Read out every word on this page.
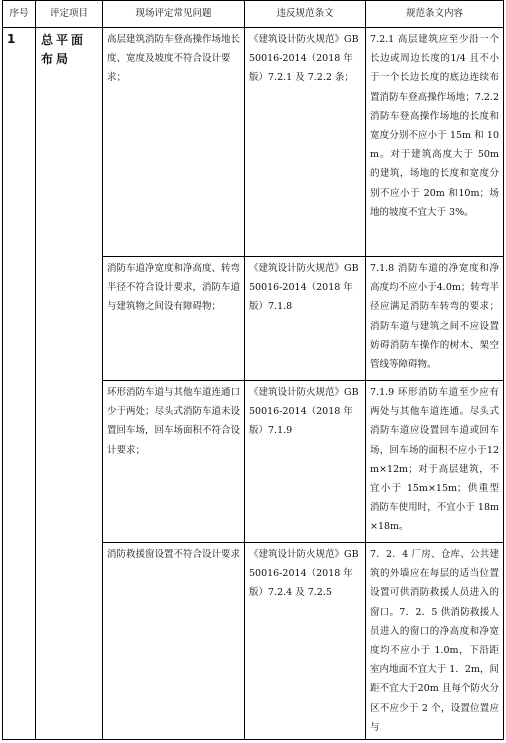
序号	评定项目	现场评定常见问题	违反规范条文	规范条文内容

1	总平面布局	高层建筑消防车登高操作场地长度、宽度及坡度不符合设计要求；	《建筑设计防火规范》GB50016-2014（2018 年版）7.2.1 及 7.2.2 条；	7.2.1 高层建筑应至少沿一个长边或周边长度的1/4 且不小于一个长边长度的底边连续布置消防车登高操作场地；7.2.2 消防车登高操作场地的长度和宽度分别不应小于 15m 和 10m。对于建筑高度大于 50m 的建筑，场地的长度和宽度分别不应小于 20m 和10m；场地的坡度不宜大于 3%。
		消防车道净宽度和净高度、转弯半径不符合设计要求，消防车道与建筑物之间设有障碍物；	《建筑设计防火规范》GB50016-2014（2018 年版）7.1.8	7.1.8 消防车道的净宽度和净高度均不应小于4.0m；转弯半径应满足消防车转弯的要求；消防车道与建筑之间不应设置妨碍消防车操作的树木、架空管线等障碍物。
		环形消防车道与其他车道连通口少于两处；尽头式消防车道未设置回车场，回车场面积不符合设计要求；	《建筑设计防火规范》GB50016-2014（2018 年版）7.1.9	7.1.9 环形消防车道至少应有两处与其他车道连通。尽头式消防车道应设置回车道或回车场，回车场的面积不应小于12m×12m；对于高层建筑，不宜小于 15m×15m；供重型消防车使用时，不宜小于 18m×18m。
		消防救援窗设置不符合设计要求	《建筑设计防火规范》GB50016-2014（2018 年版）7.2.4 及 7.2.5	7．2．4 厂房、仓库、公共建筑的外墙应在每层的适当位置设置可供消防救援人员进入的窗口。7．2．5 供消防救援人员进入的窗口的净高度和净宽度均不应小于 1.0m，下沿距室内地面不宜大于 1．2m，间距不宜大于20m 且每个防火分区不应少于 2 个，设置位置应与
